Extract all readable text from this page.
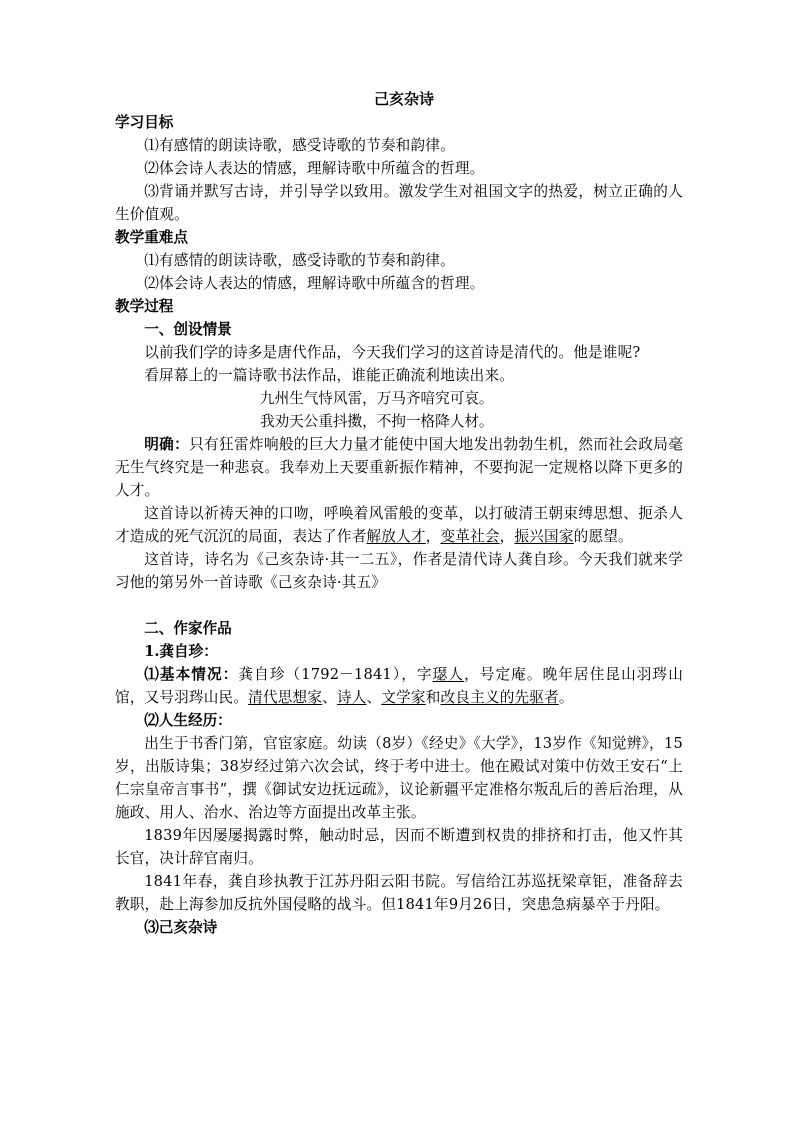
己亥杂诗

学习目标

⑴有感情的朗读诗歌，感受诗歌的节奏和韵律。

⑵体会诗人表达的情感，理解诗歌中所蕴含的哲理。

⑶背诵并默写古诗，并引导学以致用。激发学生对祖国文字的热爱，树立正确的人生价值观。

教学重难点

⑴有感情的朗读诗歌，感受诗歌的节奏和韵律。

⑵体会诗人表达的情感，理解诗歌中所蕴含的哲理。

教学过程

一、创设情景

以前我们学的诗多是唐代作品，今天我们学习的这首诗是清代的。他是谁呢?

看屏幕上的一篇诗歌书法作品，谁能正确流利地读出来。

九州生气恃风雷，万马齐喑究可哀。

我劝天公重抖擞，不拘一格降人材。

明确：只有狂雷炸响般的巨大力量才能使中国大地发出勃勃生机，然而社会政局毫无生气终究是一种悲哀。我奉劝上天要重新振作精神，不要拘泥一定规格以降下更多的人才。

这首诗以祈祷天神的口吻，呼唤着风雷般的变革，以打破清王朝束缚思想、扼杀人才造成的死气沉沉的局面，表达了作者解放人才，变革社会，振兴国家的愿望。

这首诗，诗名为《己亥杂诗·其一二五》，作者是清代诗人龚自珍。今天我们就来学习他的第另外一首诗歌《己亥杂诗·其五》

二、作家作品

1.龚自珍：

⑴基本情况：龚自珍（1792－1841），字璱人，号定庵。晚年居住昆山羽琌山馆，又号羽琌山民。清代思想家、诗人、文学家和改良主义的先驱者。

⑵人生经历：

出生于书香门第，官宦家庭。幼读（8岁）《经史》《大学》，13岁作《知觉辨》，15岁，出版诗集；38岁经过第六次会试，终于考中进士。他在殿试对策中仿效王安石“上仁宗皇帝言事书”，撰《御试安边抚远疏》，议论新疆平定准格尔叛乱后的善后治理，从施政、用人、治水、治边等方面提出改革主张。

1839年因屡屡揭露时弊，触动时忌，因而不断遭到权贵的排挤和打击，他又忤其长官，决计辞官南归。

1841年春，龚自珍执教于江苏丹阳云阳书院。写信给江苏巡抚梁章钜，准备辞去教职，赴上海参加反抗外国侵略的战斗。但1841年9月26日，突患急病暴卒于丹阳。

⑶己亥杂诗
